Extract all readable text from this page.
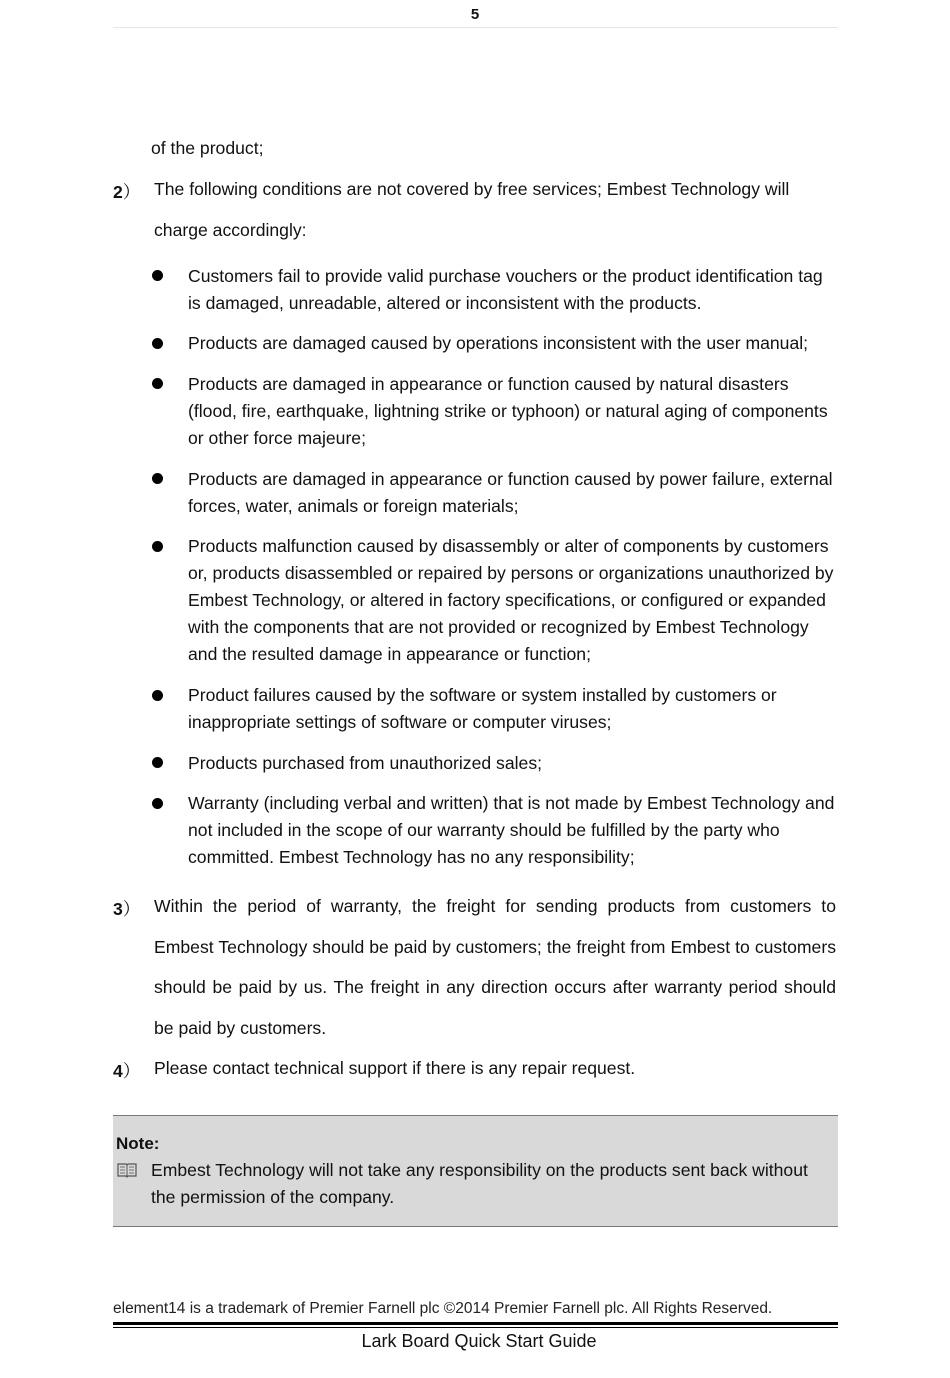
5
of the product;
2） The following conditions are not covered by free services; Embest Technology will charge accordingly:
Customers fail to provide valid purchase vouchers or the product identification tag is damaged, unreadable, altered or inconsistent with the products.
Products are damaged caused by operations inconsistent with the user manual;
Products are damaged in appearance or function caused by natural disasters (flood, fire, earthquake, lightning strike or typhoon) or natural aging of components or other force majeure;
Products are damaged in appearance or function caused by power failure, external forces, water, animals or foreign materials;
Products malfunction caused by disassembly or alter of components by customers or, products disassembled or repaired by persons or organizations unauthorized by Embest Technology, or altered in factory specifications, or configured or expanded with the components that are not provided or recognized by Embest Technology and the resulted damage in appearance or function;
Product failures caused by the software or system installed by customers or inappropriate settings of software or computer viruses;
Products purchased from unauthorized sales;
Warranty (including verbal and written) that is not made by Embest Technology and not included in the scope of our warranty should be fulfilled by the party who committed. Embest Technology has no any responsibility;
3） Within the period of warranty, the freight for sending products from customers to Embest Technology should be paid by customers; the freight from Embest to customers should be paid by us. The freight in any direction occurs after warranty period should be paid by customers.
4） Please contact technical support if there is any repair request.
Note:
Embest Technology will not take any responsibility on the products sent back without the permission of the company.
element14 is a trademark of Premier Farnell plc ©2014 Premier Farnell plc. All Rights Reserved.
Lark Board Quick Start Guide
